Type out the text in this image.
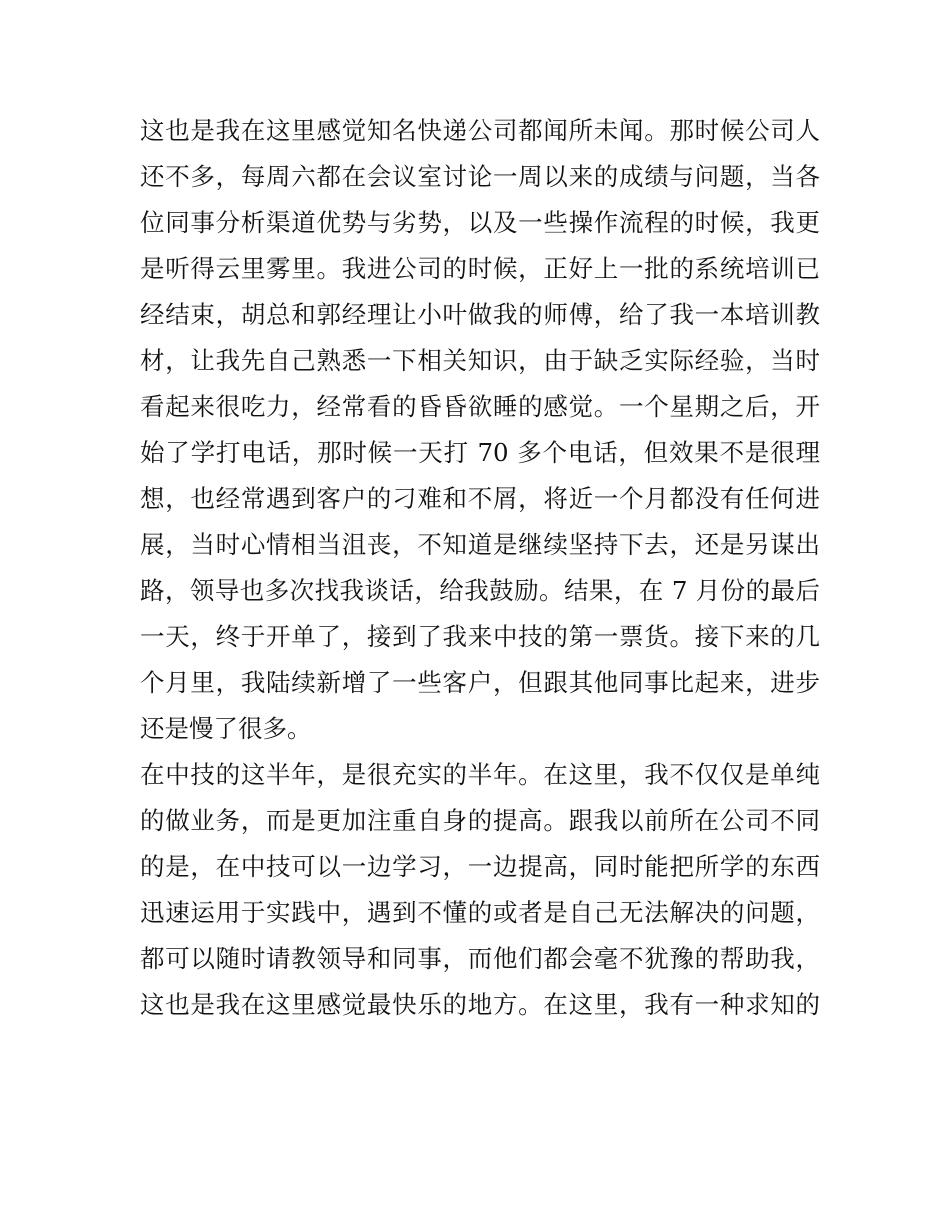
这也是我在这里感觉知名快递公司都闻所未闻。那时候公司人
还不多，每周六都在会议室讨论一周以来的成绩与问题，当各
位同事分析渠道优势与劣势，以及一些操作流程的时候，我更
是听得云里雾里。我进公司的时候，正好上一批的系统培训已
经结束，胡总和郭经理让小叶做我的师傅，给了我一本培训教
材，让我先自己熟悉一下相关知识，由于缺乏实际经验，当时
看起来很吃力，经常看的昏昏欲睡的感觉。一个星期之后，开
始了学打电话，那时候一天打 70 多个电话，但效果不是很理
想，也经常遇到客户的刁难和不屑，将近一个月都没有任何进
展，当时心情相当沮丧，不知道是继续坚持下去，还是另谋出
路，领导也多次找我谈话，给我鼓励。结果，在 7 月份的最后
一天，终于开单了，接到了我来中技的第一票货。接下来的几
个月里，我陆续新增了一些客户，但跟其他同事比起来，进步
还是慢了很多。
在中技的这半年，是很充实的半年。在这里，我不仅仅是单纯
的做业务，而是更加注重自身的提高。跟我以前所在公司不同
的是，在中技可以一边学习，一边提高，同时能把所学的东西
迅速运用于实践中，遇到不懂的或者是自己无法解决的问题，
都可以随时请教领导和同事，而他们都会毫不犹豫的帮助我，
这也是我在这里感觉最快乐的地方。在这里，我有一种求知的
